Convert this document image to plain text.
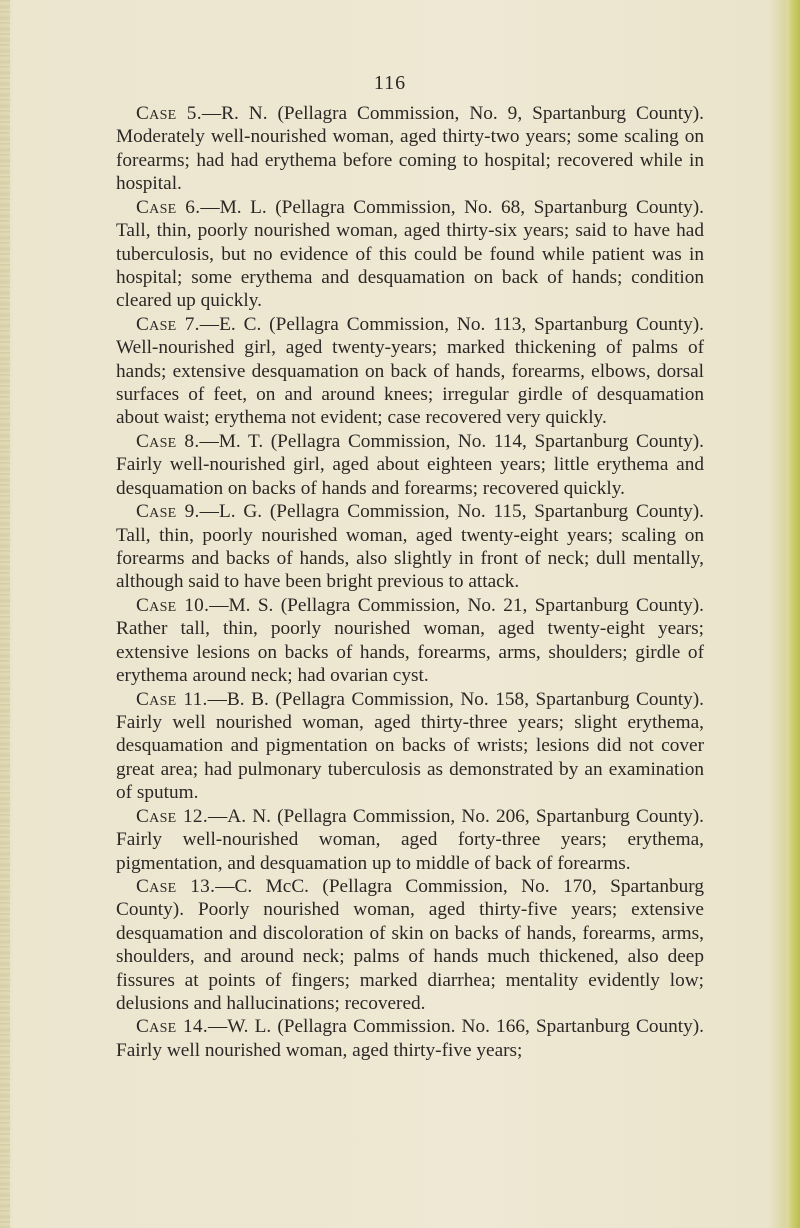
116

Case 5.—R. N. (Pellagra Commission, No. 9, Spartanburg County). Moderately well-nourished woman, aged thirty-two years; some scaling on forearms; had had erythema before coming to hospital; recovered while in hospital.

Case 6.—M. L. (Pellagra Commission, No. 68, Spartanburg County). Tall, thin, poorly nourished woman, aged thirty-six years; said to have had tuberculosis, but no evidence of this could be found while patient was in hospital; some erythema and desquamation on back of hands; condition cleared up quickly.

Case 7.—E. C. (Pellagra Commission, No. 113, Spartanburg County). Well-nourished girl, aged twenty-years; marked thickening of palms of hands; extensive desquamation on back of hands, forearms, elbows, dorsal surfaces of feet, on and around knees; irregular girdle of desquamation about waist; erythema not evident; case recovered very quickly.

Case 8.—M. T. (Pellagra Commission, No. 114, Spartanburg County). Fairly well-nourished girl, aged about eighteen years; little erythema and desquamation on backs of hands and forearms; recovered quickly.

Case 9.—L. G. (Pellagra Commission, No. 115, Spartanburg County). Tall, thin, poorly nourished woman, aged twenty-eight years; scaling on forearms and backs of hands, also slightly in front of neck; dull mentally, although said to have been bright previous to attack.

Case 10.—M. S. (Pellagra Commission, No. 21, Spartanburg County). Rather tall, thin, poorly nourished woman, aged twenty-eight years; extensive lesions on backs of hands, forearms, arms, shoulders; girdle of erythema around neck; had ovarian cyst.

Case 11.—B. B. (Pellagra Commission, No. 158, Spartanburg County). Fairly well nourished woman, aged thirty-three years; slight erythema, desquamation and pigmentation on backs of wrists; lesions did not cover great area; had pulmonary tuberculosis as demonstrated by an examination of sputum.

Case 12.—A. N. (Pellagra Commission, No. 206, Spartanburg County). Fairly well-nourished woman, aged forty-three years; erythema, pigmentation, and desquamation up to middle of back of forearms.

Case 13.—C. McC. (Pellagra Commission, No. 170, Spartanburg County). Poorly nourished woman, aged thirty-five years; extensive desquamation and discoloration of skin on backs of hands, forearms, arms, shoulders, and around neck; palms of hands much thickened, also deep fissures at points of fingers; marked diarrhea; mentality evidently low; delusions and hallucinations; recovered.

Case 14.—W. L. (Pellagra Commission. No. 166, Spartanburg County). Fairly well nourished woman, aged thirty-five years;
